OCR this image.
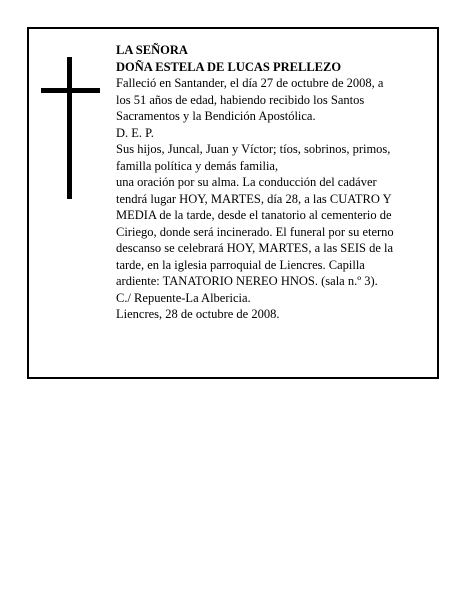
LA SEÑORA
DOÑA ESTELA DE LUCAS PRELLEZO
Falleció en Santander, el día 27 de octubre de 2008, a
los 51 años de edad, habiendo recibido los Santos
Sacramentos y la Bendición Apostólica.
D. E. P.
Sus hijos, Juncal, Juan y Víctor; tíos, sobrinos, primos,
familla política y demás familia,
una oración por su alma. La conducción del cadáver
tendrá lugar HOY, MARTES, día 28, a las CUATRO Y
MEDIA de la tarde, desde el tanatorio al cementerio de
Ciriego, donde será incinerado. El funeral por su eterno
descanso se celebrará HOY, MARTES, a las SEIS de la
tarde, en la iglesia parroquial de Liencres. Capilla
ardiente: TANATORIO NEREO HNOS. (sala n.º 3).
C./ Repuente-La Albericia.
Liencres, 28 de octubre de 2008.
